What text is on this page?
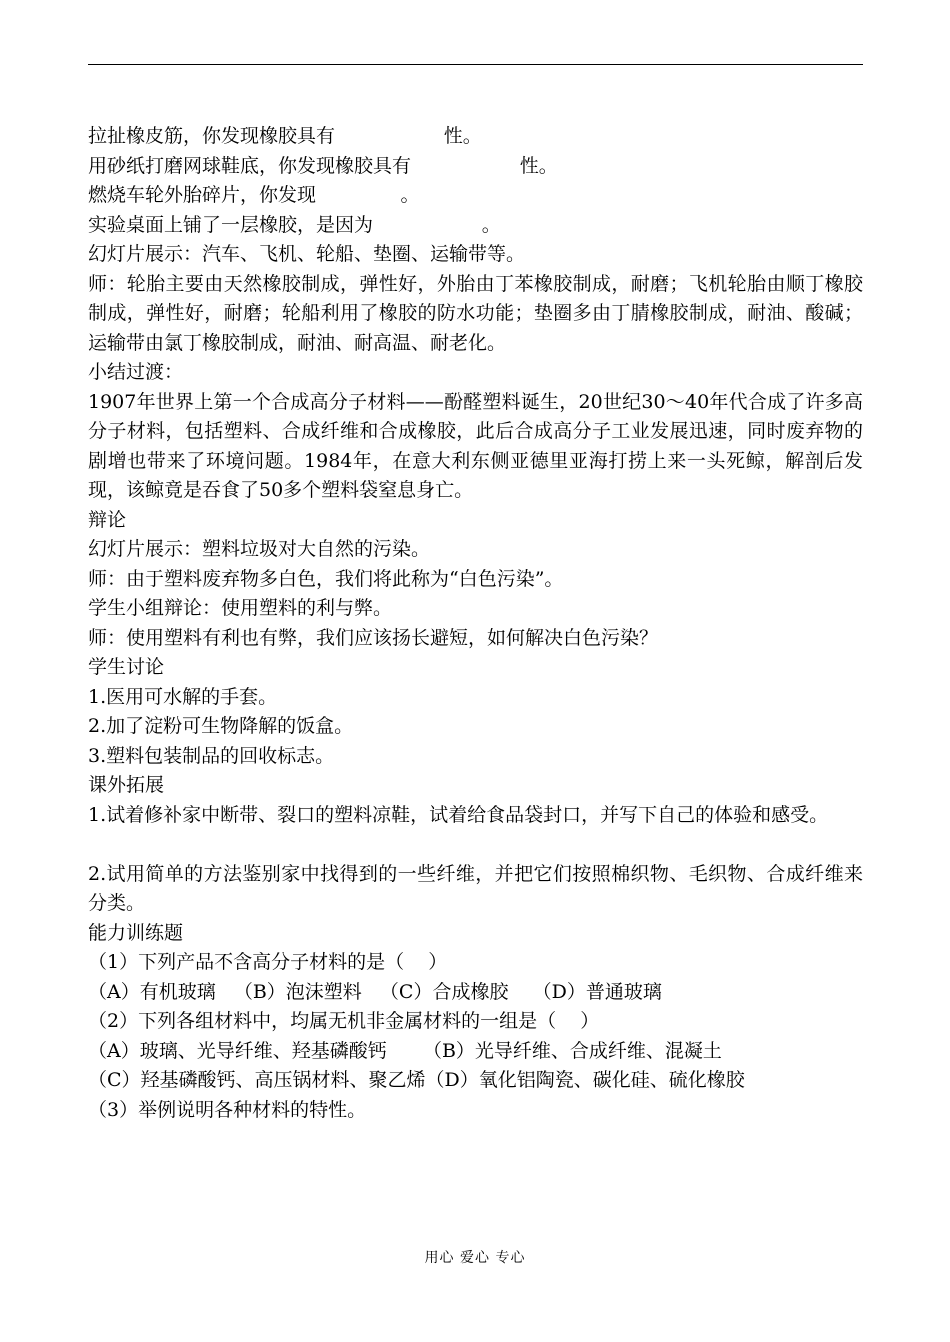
拉扯橡皮筋，你发现橡胶具有                  性。
用砂纸打磨网球鞋底，你发现橡胶具有                  性。
燃烧车轮外胎碎片，你发现              。
实验桌面上铺了一层橡胶，是因为                  。
幻灯片展示：汽车、飞机、轮船、垫圈、运输带等。
师：轮胎主要由天然橡胶制成，弹性好，外胎由丁苯橡胶制成，耐磨；飞机轮胎由顺丁橡胶制成，弹性好，耐磨；轮船利用了橡胶的防水功能；垫圈多由丁腈橡胶制成，耐油、酸碱；运输带由氯丁橡胶制成，耐油、耐高温、耐老化。
小结过渡：
1907年世界上第一个合成高分子材料——酚醛塑料诞生，20世纪30～40年代合成了许多高分子材料，包括塑料、合成纤维和合成橡胶，此后合成高分子工业发展迅速，同时废弃物的剧增也带来了环境问题。1984年，在意大利东侧亚德里亚海打捞上来一头死鲸，解剖后发现，该鲸竟是吞食了50多个塑料袋窒息身亡。
辩论
幻灯片展示：塑料垃圾对大自然的污染。
师：由于塑料废弃物多白色，我们将此称为“白色污染”。
学生小组辩论：使用塑料的利与弊。
师：使用塑料有利也有弊，我们应该扬长避短，如何解决白色污染？
学生讨论
1.医用可水解的手套。
2.加了淀粉可生物降解的饭盒。
3.塑料包装制品的回收标志。
课外拓展
1.试着修补家中断带、裂口的塑料凉鞋，试着给食品袋封口，并写下自己的体验和感受。
2.试用简单的方法鉴别家中找得到的一些纤维，并把它们按照棉织物、毛织物、合成纤维来分类。
能力训练题
（1）下列产品不含高分子材料的是（    ）
（A）有机玻璃   （B）泡沫塑料   （C）合成橡胶    （D）普通玻璃
（2）下列各组材料中，均属无机非金属材料的一组是（    ）
（A）玻璃、光导纤维、羟基磷酸钙      （B）光导纤维、合成纤维、混凝土
（C）羟基磷酸钙、高压锅材料、聚乙烯（D）氧化铝陶瓷、碳化硅、硫化橡胶
（3）举例说明各种材料的特性。
用心 爱心 专心
